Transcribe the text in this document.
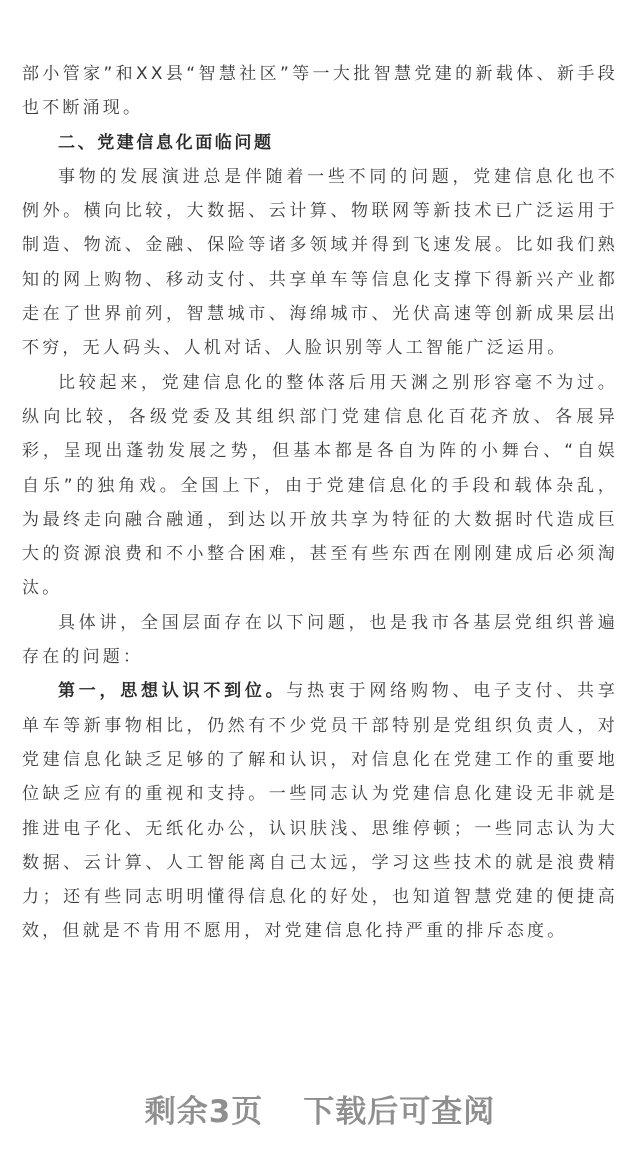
部小管家”和XX县“智慧社区”等一大批智慧党建的新载体、新手段也不断涌现。

二、党建信息化面临问题

事物的发展演进总是伴随着一些不同的问题，党建信息化也不例外。横向比较，大数据、云计算、物联网等新技术已广泛运用于制造、物流、金融、保险等诸多领域并得到飞速发展。比如我们熟知的网上购物、移动支付、共享单车等信息化支撑下得新兴产业都走在了世界前列，智慧城市、海绵城市、光伏高速等创新成果层出不穷，无人码头、人机对话、人脸识别等人工智能广泛运用。

比较起来，党建信息化的整体落后用天渊之别形容毫不为过。纵向比较，各级党委及其组织部门党建信息化百花齐放、各展异彩，呈现出蓬勃发展之势，但基本都是各自为阵的小舞台、“自娱自乐”的独角戏。全国上下，由于党建信息化的手段和载体杂乱，为最终走向融合融通，到达以开放共享为特征的大数据时代造成巨大的资源浪费和不小整合困难，甚至有些东西在刚刚建成后必须淘汰。

具体讲，全国层面存在以下问题，也是我市各基层党组织普遍存在的问题：

第一，思想认识不到位。与热衷于网络购物、电子支付、共享单车等新事物相比，仍然有不少党员干部特别是党组织负责人，对党建信息化缺乏足够的了解和认识，对信息化在党建工作的重要地位缺乏应有的重视和支持。一些同志认为党建信息化建设无非就是推进电子化、无纸化办公，认识肤浅、思维停顿；一些同志认为大数据、云计算、人工智能离自己太远，学习这些技术的就是浪费精力；还有些同志明明懂得信息化的好处，也知道智慧党建的便捷高效，但就是不肯用不愿用，对党建信息化持严重的排斥态度。

剩余3页 下载后可查阅
